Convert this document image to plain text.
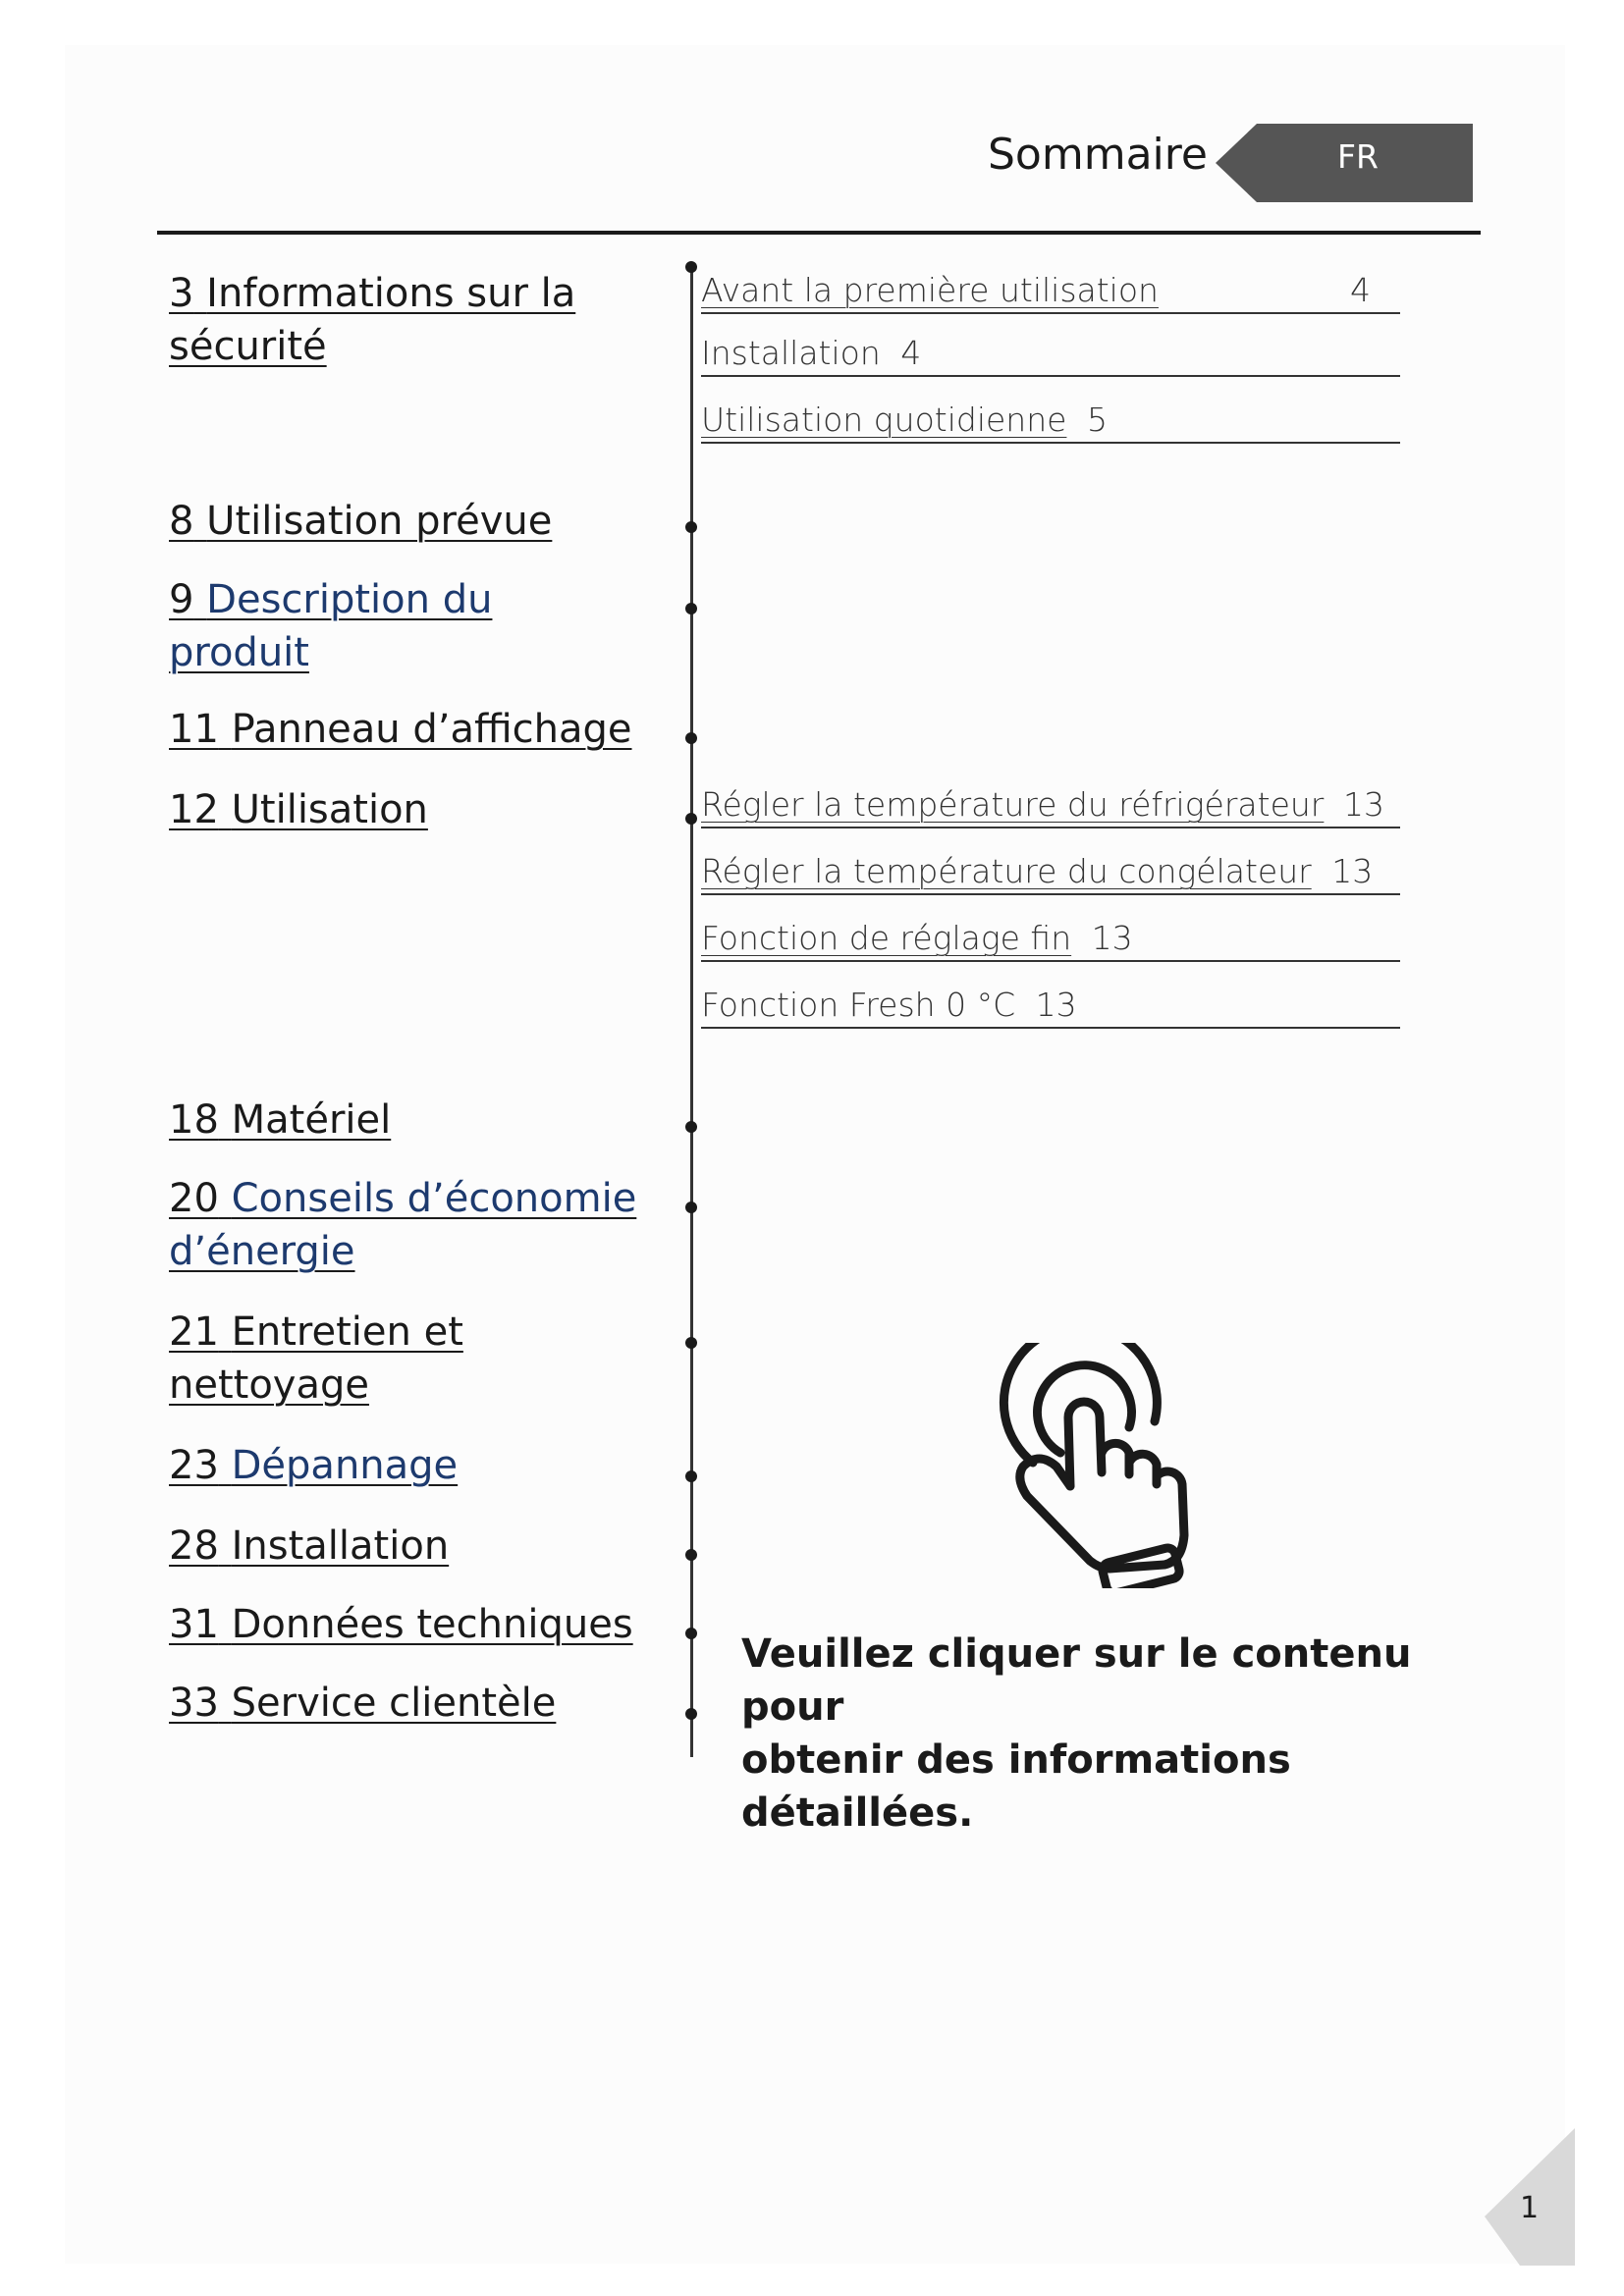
Sommaire	FR
3 Informations sur la sécurité
8 Utilisation prévue
9 Description du produit
11 Panneau d’affichage
12 Utilisation
18 Matériel
20 Conseils d’économie d’énergie
21 Entretien et nettoyage
23 Dépannage
28 Installation
31 Données techniques
33 Service clientèle
Avant la première utilisation	4
Installation 4
Utilisation quotidienne 5
Régler la température du réfrigérateur 13
Régler la température du congélateur 13
Fonction de réglage fin 13
Fonction Fresh 0 °C 13
Veuillez cliquer sur le contenu pour
obtenir des informations détaillées.
1
